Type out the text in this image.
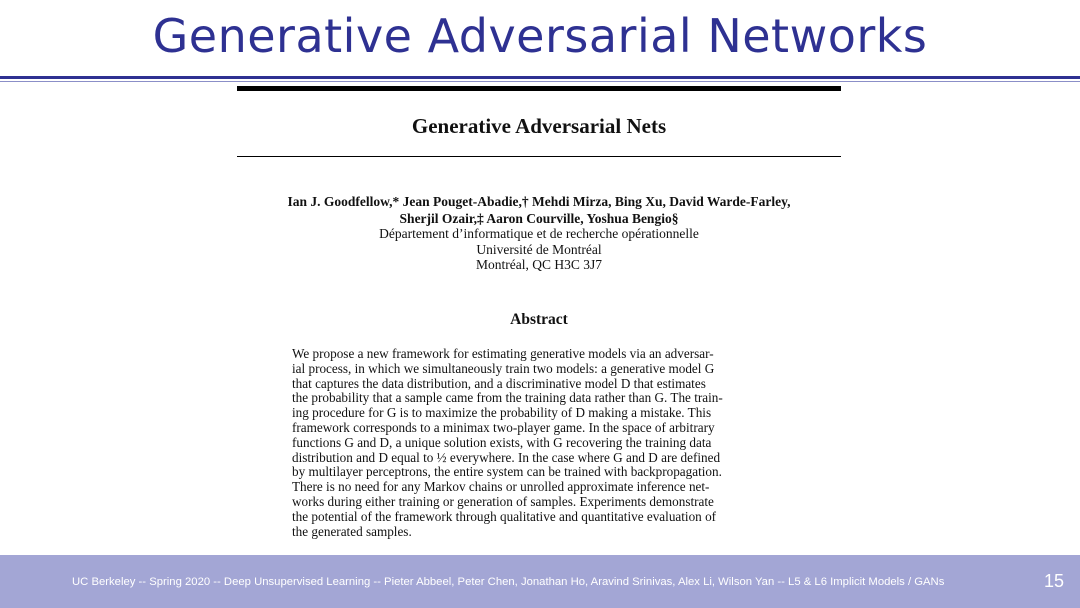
Generative Adversarial Networks
Generative Adversarial Nets
Ian J. Goodfellow,* Jean Pouget-Abadie,† Mehdi Mirza, Bing Xu, David Warde-Farley,
Sherjil Ozair,‡ Aaron Courville, Yoshua Bengio§
Département d’informatique et de recherche opérationnelle
Université de Montréal
Montréal, QC H3C 3J7
Abstract
We propose a new framework for estimating generative models via an adversar-
ial process, in which we simultaneously train two models: a generative model G
that captures the data distribution, and a discriminative model D that estimates
the probability that a sample came from the training data rather than G. The train-
ing procedure for G is to maximize the probability of D making a mistake. This
framework corresponds to a minimax two-player game. In the space of arbitrary
functions G and D, a unique solution exists, with G recovering the training data
distribution and D equal to ½ everywhere. In the case where G and D are defined
by multilayer perceptrons, the entire system can be trained with backpropagation.
There is no need for any Markov chains or unrolled approximate inference net-
works during either training or generation of samples. Experiments demonstrate
the potential of the framework through qualitative and quantitative evaluation of
the generated samples.
UC Berkeley -- Spring 2020 -- Deep Unsupervised Learning -- Pieter Abbeel, Peter Chen, Jonathan Ho, Aravind Srinivas, Alex Li, Wilson Yan -- L5 & L6 Implicit Models / GANs	15
